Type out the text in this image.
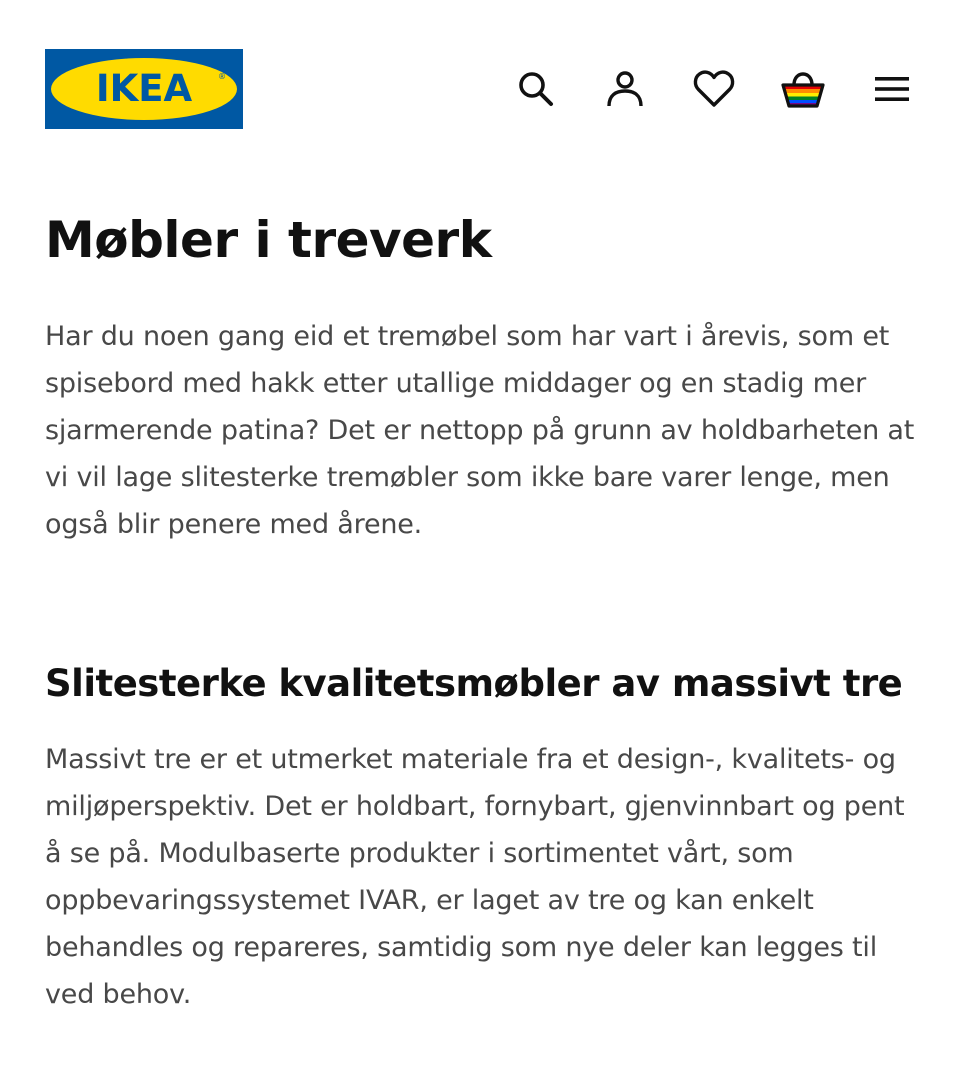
IKEA	®
Møbler i treverk

Har du noen gang eid et tremøbel som har vart i årevis, som et spisebord med hakk etter utallige middager og en stadig mer sjarmerende patina? Det er nettopp på grunn av holdbarheten at vi vil lage slitesterke tremøbler som ikke bare varer lenge, men også blir penere med årene.

Slitesterke kvalitetsmøbler av massivt tre

Massivt tre er et utmerket materiale fra et design-, kvalitets- og miljøperspektiv. Det er holdbart, fornybart, gjenvinnbart og pent å se på. Modulbaserte produkter i sortimentet vårt, som oppbevaringssystemet IVAR, er laget av tre og kan enkelt behandles og repareres, samtidig som nye deler kan legges til ved behov.
